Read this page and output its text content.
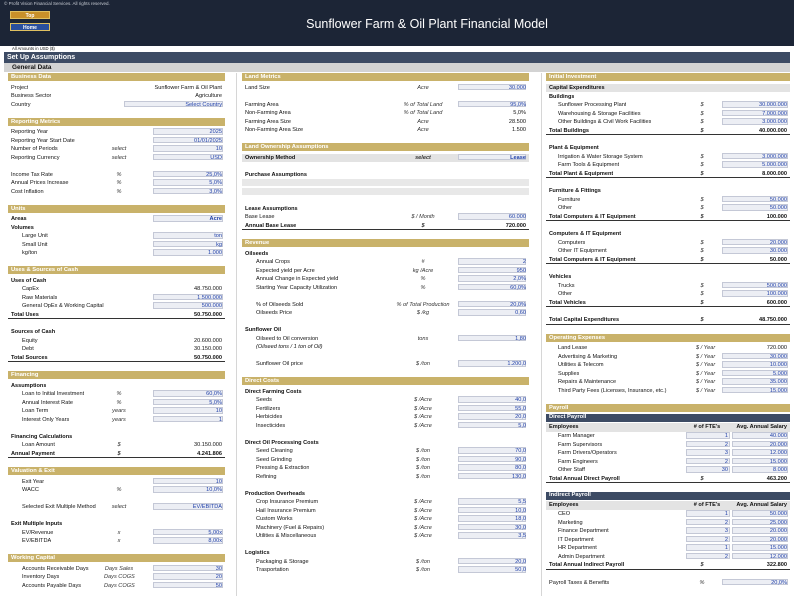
© Profit Vision Financial Services. All rights reserved.
Top
Home	Sunflower Farm & Oil Plant Financial Model
All Amounts in USD ($)
Set Up Assumptions
General Data
Business Data
Project	Sunflower Farm & Oil Plant
Business Sector	Agriculture
Country	Select Country
Reporting Metrics
Reporting Year	2025
Reporting Year Start Date	01/01/2025
Number of Periods	select	10
Reporting Currency	select	USD
Income Tax Rate	%	25,0%
Annual Prices Increase	%	5,0%
Cost Inflation	%	3,0%
Units
Areas	Acre
Volumes
Large Unit	ton
Small Unit	kg
kg/ton	1.000
Uses & Sources of Cash
Uses of Cash
CapEx	48.750.000
Raw Materials	1.500.000
General OpEx & Working Capital	500.000
Total Uses	50.750.000
Sources of Cash
Equity	20.600.000
Debt	30.150.000
Total Sources	50.750.000
Financing
Assumptions
Loan to Initial Investment	%	60,0%
Annual Interest Rate	%	5,0%
Loan Term	years	10
Interest Only Years	years	1
Financing Calculations
Loan Amount	$	30.150.000
Annual Payment	$	4.241.806
Valuation & Exit
Exit Year	10
WACC	%	10,0%
Selected Exit Multiple Method	select	EV/EBITDA
Exit Multiple Inputs
EV/Revenue	x	5,00x
EV/EBITDA	x	8,00x
Working Capital
Accounts Receivable Days	Days Sales	30
Inventory Days	Days COGS	20
Accounts Payable Days	Days COGS	50
Land Metrics
Land Size	Acre	30.000
Farming Area	% of Total Land	95,0%
Non-Farming Area	% of Total Land	5,0%
Farming Area Size	Acre	28.500
Non-Farming Area Size	Acre	1.500
Land Ownership Assumptions
Ownership Method	select	Lease
Purchase Assumptions
Lease Assumptions
Base Lease	$ / Month	60.000
Annual Base Lease	$	720.000
Revenue
Oilseeds
Annual Crops	#	2
Expected yield per Acre	kg /Acre	950
Annual Change in Expected yield	%	2,0%
Starting Year Capacity Utilization	%	60,0%
% of Oilseeds Sold	% of Total Production	20,0%
Oilseeds Price	$ /kg	0,60
Sunflower Oil
Oilseed to Oil conversion	tons	1,80
(Oilseed tons / 1 ton of Oil)
Sunflower Oil price	$ /ton	1.200,0
Direct Costs
Direct Farming Costs
Seeds	$ /Acre	40,0
Fertilizers	$ /Acre	55,0
Herbicides	$ /Acre	20,0
Insecticides	$ /Acre	5,0
Direct Oil Processing Costs
Seed Cleaning	$ /ton	70,0
Seed Grinding	$ /ton	90,0
Pressing & Extraction	$ /ton	80,0
Refining	$ /ton	130,0
Production Overheads
Crop Insurance Premium	$ /Acre	5,5
Hail Insurance Premium	$ /Acre	10,0
Custom Works	$ /Acre	18,0
Machinery (Fuel & Repairs)	$ /Acre	30,0
Utilities & Miscellaneous	$ /Acre	3,5
Logistics
Packaging & Storage	$ /ton	20,0
Trasportation	$ /ton	50,0
Initial Investment
Capital Expenditures
Buildings
Sunflower Processing Plant	$	30.000.000
Warehousing & Storage Facilities	$	7.000.000
Other Buildings & Civil Work Facilities	$	3.000.000
Total Buildings	$	40.000.000
Plant & Equipment
Irrigation & Water Storage System	$	3.000.000
Farm Tools & Equipment	$	5.000.000
Total Plant & Equipment	$	8.000.000
Furniture & Fittings
Furniture	$	50.000
Other	$	50.000
Total Computers & IT Equipment	$	100.000
Computers & IT Equipment
Computers	$	20.000
Other IT Equipment	$	30.000
Total Computers & IT Equipment	$	50.000
Vehicles
Trucks	$	500.000
Other	$	100.000
Total Vehicles	$	600.000
Total Capital Expenditures	$	48.750.000
Operating Expenses
Land Lease	$ / Year	720.000
Advertising & Marketing	$ / Year	30.000
Utilities & Telecom	$ / Year	10.000
Supplies	$ / Year	5.000
Repairs & Maintenance	$ / Year	35.000
Third Party Fees (Licenses, Insurance, etc.)	$ / Year	15.000
Payroll
Direct Payroll
Employees	# of FTE's	Avg. Annual Salary
Farm Manager	1	40.000
Farm Supervisors	2	20.000
Farm Drivers/Operators	3	12.000
Farm Engineers	2	15.000
Other Staff	30	8.000
Total Annual Direct Payroll	$	463.200
Indirect Payroll
Employees	# of FTE's	Avg. Annual Salary
CEO	1	50.000
Marketing	2	25.000
Finance Department	3	20.000
IT Department	2	20.000
HR Department	1	15.000
Admin Department	2	12.000
Total Annual Indirect Payroll	$	322.800
Payroll Taxes & Benefits	%	20,0%
